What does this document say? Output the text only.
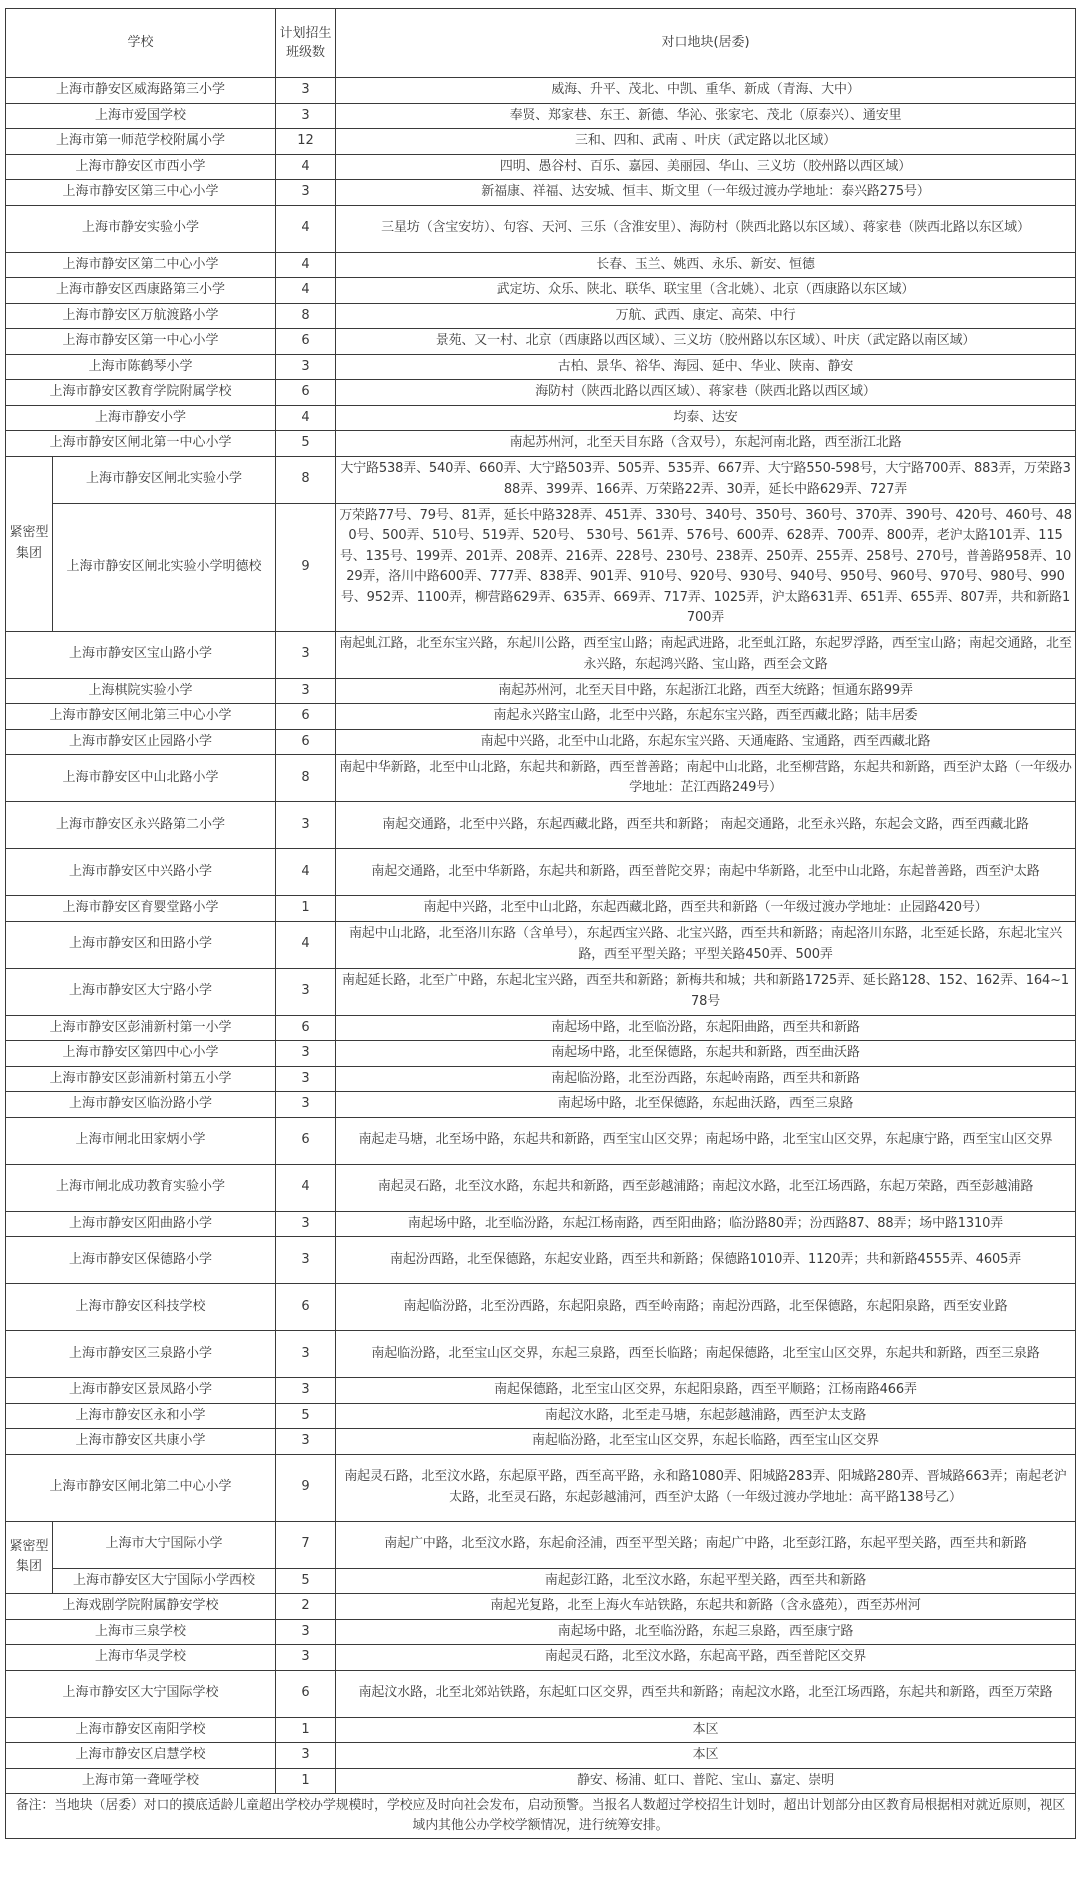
学校		计划招生班级数	对口地块(居委)
上海市静安区威海路第三小学		3	威海、升平、茂北、中凯、重华、新成（青海、大中）
上海市爱国学校		3	奉贤、郑家巷、东王、新德、华沁、张家宅、茂北（原泰兴）、通安里
上海市第一师范学校附属小学		12	三和、四和、武南 、叶庆（武定路以北区域）
上海市静安区市西小学		4	四明、愚谷村、百乐、嘉园、美丽园、华山、三义坊（胶州路以西区域）
上海市静安区第三中心小学		3	新福康、祥福、达安城、恒丰、斯文里（一年级过渡办学地址：泰兴路275号）
上海市静安实验小学		4	三星坊（含宝安坊）、句容、天河、三乐（含淮安里）、海防村（陕西北路以东区域）、蒋家巷（陕西北路以东区域）
上海市静安区第二中心小学		4	长春、玉兰、姚西、永乐、新安、恒德
上海市静安区西康路第三小学		4	武定坊、众乐、陕北、联华、联宝里（含北姚）、北京（西康路以东区域）
上海市静安区万航渡路小学		8	万航、武西、康定、高荣、中行
上海市静安区第一中心小学		6	景苑、又一村、北京（西康路以西区域）、三义坊（胶州路以东区域）、叶庆（武定路以南区域）
上海市陈鹤琴小学		3	古柏、景华、裕华、海园、延中、华业、陕南、静安
上海市静安区教育学院附属学校		6	海防村（陕西北路以西区域）、蒋家巷（陕西北路以西区域）
上海市静安小学		4	均泰、达安
上海市静安区闸北第一中心小学		5	南起苏州河，北至天目东路（含双号），东起河南北路，西至浙江北路
紧密型集团	上海市静安区闸北实验小学	8	大宁路538弄、540弄、660弄、大宁路503弄、505弄、535弄、667弄、大宁路550-598号，大宁路700弄、883弄，万荣路388弄、399弄、166弄、万荣路22弄、30弄，延长中路629弄、727弄
	上海市静安区闸北实验小学明德校	9	万荣路77号、79号、81弄，延长中路328弄、451弄、330号、340号、350号、360号、370弄、390号、420号、460号、480号、500弄、510号、519弄、520号、 530号、561弄、576号、600弄、628弄、700弄、800弄，老沪太路101弄、115号、135号、199弄、201弄、208弄、216弄、228号、230号、238弄、250弄、255弄、258号、270号，普善路958弄、1029弄，洛川中路600弄、777弄、838弄、901弄、910号、920号、930号、940号、950号、960号、970号、980号、990号、952弄、1100弄，柳营路629弄、635弄、669弄、717弄、1025弄，沪太路631弄、651弄、655弄、807弄，共和新路1700弄
上海市静安区宝山路小学		3	南起虬江路，北至东宝兴路，东起川公路，西至宝山路；南起武进路，北至虬江路，东起罗浮路，西至宝山路；南起交通路，北至永兴路，东起鸿兴路、宝山路，西至会文路
上海棋院实验小学		3	南起苏州河，北至天目中路，东起浙江北路，西至大统路；恒通东路99弄
上海市静安区闸北第三中心小学		6	南起永兴路宝山路，北至中兴路，东起东宝兴路，西至西藏北路；陆丰居委
上海市静安区止园路小学		6	南起中兴路，北至中山北路，东起东宝兴路、天通庵路、宝通路，西至西藏北路
上海市静安区中山北路小学		8	南起中华新路，北至中山北路，东起共和新路，西至普善路；南起中山北路，北至柳营路，东起共和新路，西至沪太路（一年级办学地址：芷江西路249号）
上海市静安区永兴路第二小学		3	南起交通路，北至中兴路，东起西藏北路，西至共和新路； 南起交通路，北至永兴路，东起会文路，西至西藏北路
上海市静安区中兴路小学		4	南起交通路，北至中华新路，东起共和新路，西至普陀交界；南起中华新路，北至中山北路，东起普善路，西至沪太路
上海市静安区育婴堂路小学		1	南起中兴路，北至中山北路，东起西藏北路，西至共和新路（一年级过渡办学地址：止园路420号）
上海市静安区和田路小学		4	南起中山北路，北至洛川东路（含单号），东起西宝兴路、北宝兴路，西至共和新路；南起洛川东路，北至延长路，东起北宝兴路，西至平型关路；平型关路450弄、500弄
上海市静安区大宁路小学		3	南起延长路，北至广中路，东起北宝兴路，西至共和新路；新梅共和城；共和新路1725弄、延长路128、152、162弄、164~178号
上海市静安区彭浦新村第一小学		6	南起场中路，北至临汾路，东起阳曲路，西至共和新路
上海市静安区第四中心小学		3	南起场中路，北至保德路，东起共和新路，西至曲沃路
上海市静安区彭浦新村第五小学		3	南起临汾路，北至汾西路，东起岭南路，西至共和新路
上海市静安区临汾路小学		3	南起场中路，北至保德路，东起曲沃路，西至三泉路
上海市闸北田家炳小学		6	南起走马塘，北至场中路，东起共和新路，西至宝山区交界；南起场中路，北至宝山区交界，东起康宁路，西至宝山区交界
上海市闸北成功教育实验小学		4	南起灵石路，北至汶水路，东起共和新路，西至彭越浦路；南起汶水路，北至江场西路，东起万荣路，西至彭越浦路
上海市静安区阳曲路小学		3	南起场中路，北至临汾路，东起江杨南路，西至阳曲路；临汾路80弄；汾西路87、88弄；场中路1310弄
上海市静安区保德路小学		3	南起汾西路，北至保德路，东起安业路，西至共和新路；保德路1010弄、1120弄；共和新路4555弄、4605弄
上海市静安区科技学校		6	南起临汾路，北至汾西路，东起阳泉路，西至岭南路；南起汾西路，北至保德路，东起阳泉路，西至安业路
上海市静安区三泉路小学		3	南起临汾路，北至宝山区交界，东起三泉路，西至长临路；南起保德路，北至宝山区交界，东起共和新路，西至三泉路
上海市静安区景凤路小学		3	南起保德路，北至宝山区交界，东起阳泉路，西至平顺路；江杨南路466弄
上海市静安区永和小学		5	南起汶水路，北至走马塘，东起彭越浦路，西至沪太支路
上海市静安区共康小学		3	南起临汾路，北至宝山区交界，东起长临路，西至宝山区交界
上海市静安区闸北第二中心小学		9	南起灵石路，北至汶水路，东起原平路，西至高平路，永和路1080弄、阳城路283弄、阳城路280弄、晋城路663弄；南起老沪太路，北至灵石路，东起彭越浦河，西至沪太路（一年级过渡办学地址：高平路138号乙）
紧密型集团	上海市大宁国际小学	7	南起广中路，北至汶水路，东起俞泾浦，西至平型关路；南起广中路，北至彭江路，东起平型关路，西至共和新路
	上海市静安区大宁国际小学西校	5	南起彭江路，北至汶水路，东起平型关路，西至共和新路
上海戏剧学院附属静安学校		2	南起光复路，北至上海火车站铁路，东起共和新路（含永盛苑），西至苏州河
上海市三泉学校		3	南起场中路，北至临汾路，东起三泉路，西至康宁路
上海市华灵学校		3	南起灵石路，北至汶水路，东起高平路，西至普陀区交界
上海市静安区大宁国际学校		6	南起汶水路，北至北郊站铁路，东起虹口区交界，西至共和新路；南起汶水路，北至江场西路，东起共和新路，西至万荣路
上海市静安区南阳学校		1	本区
上海市静安区启慧学校		3	本区
上海市第一聋哑学校		1	静安、杨浦、虹口、普陀、宝山、嘉定、崇明
备注：当地块（居委）对口的摸底适龄儿童超出学校办学规模时，学校应及时向社会发布，启动预警。当报名人数超过学校招生计划时，超出计划部分由区教育局根据相对就近原则，视区域内其他公办学校学额情况，进行统筹安排。			
